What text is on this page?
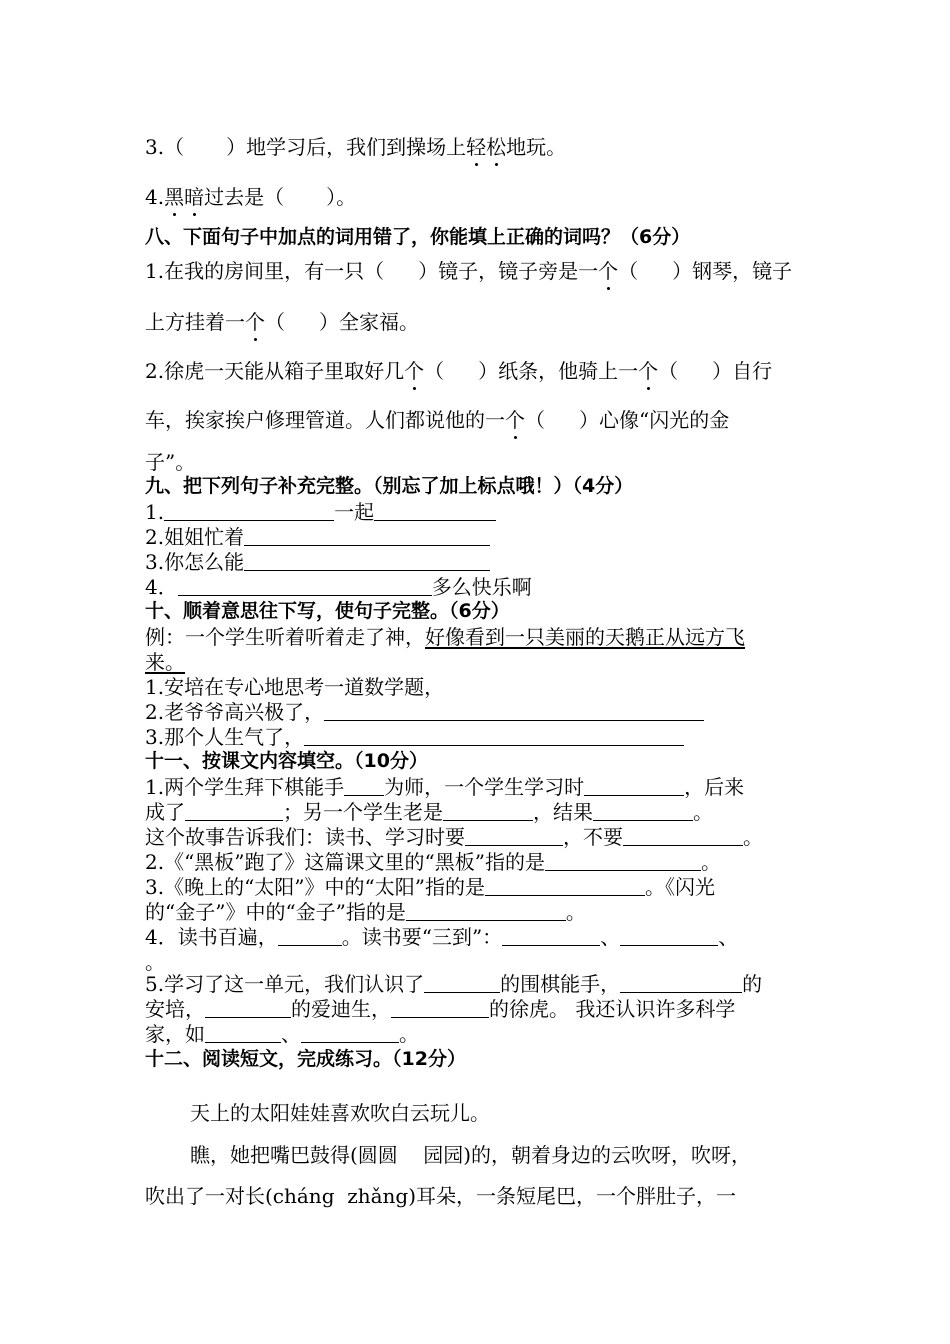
3.（ ）地学习后，我们到操场上轻松地玩。
4.黑暗过去是（ ）。
八、下面句子中加点的词用错了，你能填上正确的词吗？（6分）
1.在我的房间里，有一只（ ）镜子，镜子旁是一个（ ）钢琴，镜子
上方挂着一个（ ）全家福。
2.徐虎一天能从箱子里取好几个（ ）纸条，他骑上一个（ ）自行
车，挨家挨户修理管道。人们都说他的一个（ ）心像“闪光的金
子”。
九、把下列句子补充完整。（别忘了加上标点哦！）（4分）
1.	一起
2.姐姐忙着
3.你怎么能
4．	多么快乐啊
十、顺着意思往下写，使句子完整。（6分）
例：一个学生听着听着走了神，好像看到一只美丽的天鹅正从远方飞
来。
1.安培在专心地思考一道数学题，
2.老爷爷高兴极了，
3.那个人生气了，
十一、按课文内容填空。（10分）
1.两个学生拜下棋能手 为师，一个学生学习时	，后来
成了	；另一个学生老是	，结果	。
这个故事告诉我们：读书、学习时要	，不要	。
2.《“黑板”跑了》这篇课文里的“黑板”指的是	。
3.《晚上的“太阳”》中的“太阳”指的是	。《闪光
的“金子”》中的“金子”指的是	。
4．读书百遍，	。读书要“三到”：	、	、
。
5.学习了这一单元，我们认识了	的围棋能手，	的
安培，	的爱迪生，	的徐虎。 我还认识许多科学
家，如	、	。
十二、阅读短文，完成练习。（12分）
天上的太阳娃娃喜欢吹白云玩儿。
瞧，她把嘴巴鼓得(圆圆    园园)的，朝着身边的云吹呀，吹呀，
吹出了一对长(cháng  zhǎng)耳朵，一条短尾巴，一个胖肚子，一
